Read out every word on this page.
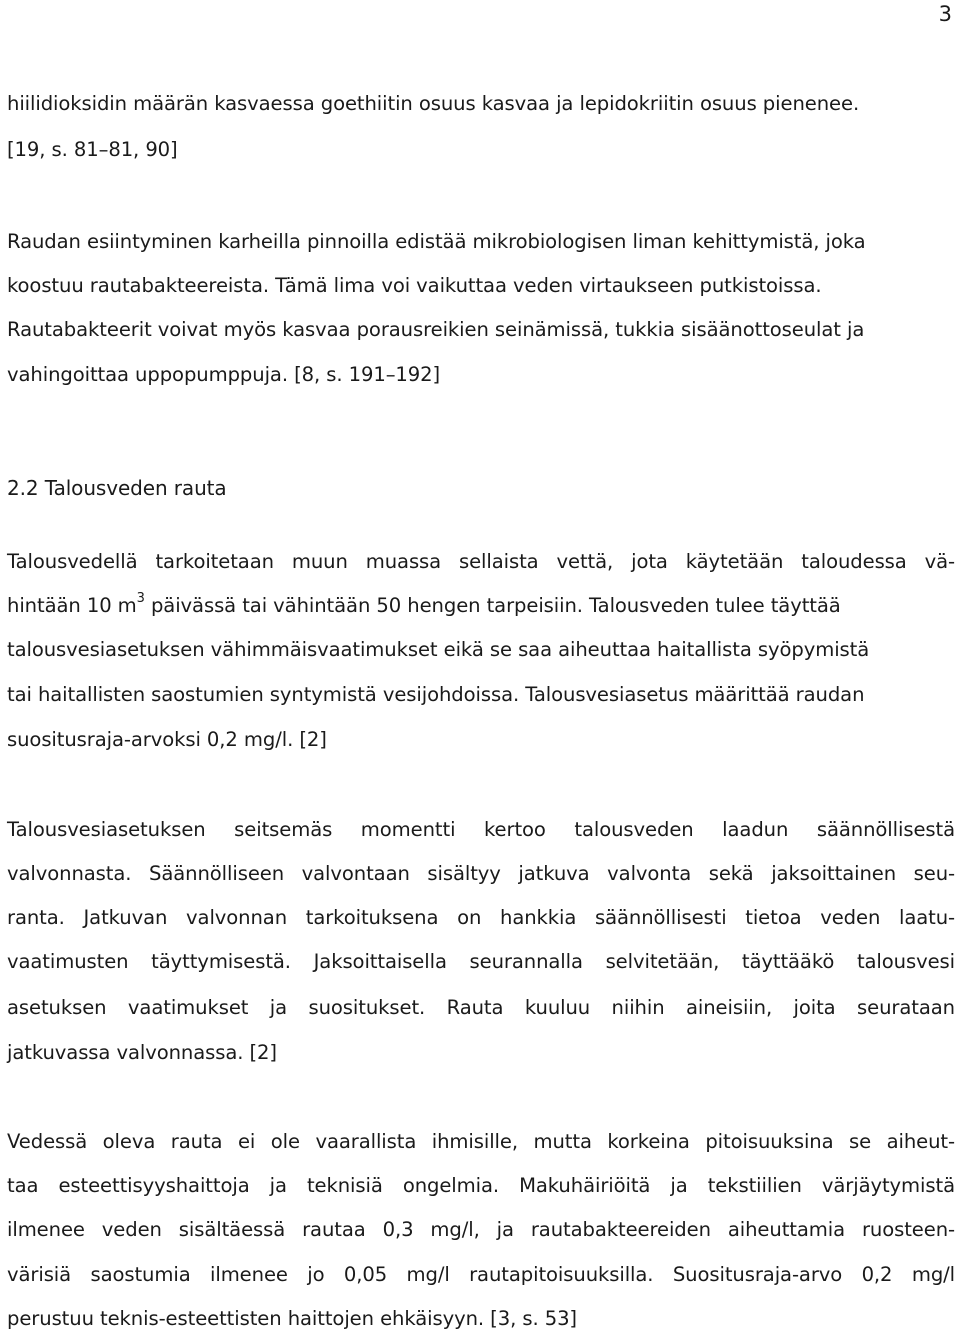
3
hiilidioksidin määrän kasvaessa goethiitin osuus kasvaa ja lepidokriitin osuus pienenee.
[19, s. 81–81, 90]
Raudan esiintyminen karheilla pinnoilla edistää mikrobiologisen liman kehittymistä, joka
koostuu rautabakteereista. Tämä lima voi vaikuttaa veden virtaukseen putkistoissa.
Rautabakteerit voivat myös kasvaa porausreikien seinämissä, tukkia sisäänottoseulat ja
vahingoittaa uppopumppuja. [8, s. 191–192]
2.2 Talousveden rauta
Talousvedellä tarkoitetaan muun muassa sellaista vettä, jota käytetään taloudessa vä-
hintään 10 $m^3$ päivässä tai vähintään 50 hengen tarpeisiin. Talousveden tulee täyttää
talousvesiasetuksen vähimmäisvaatimukset eikä se saa aiheuttaa haitallista syöpymistä
tai haitallisten saostumien syntymistä vesijohdoissa. Talousvesiasetus määrittää raudan
suositusraja-arvoksi 0,2 mg/l. [2]
Talousvesiasetuksen seitsemäs momentti kertoo talousveden laadun säännöllisestä
valvonnasta. Säännölliseen valvontaan sisältyy jatkuva valvonta sekä jaksoittainen seu-
ranta. Jatkuvan valvonnan tarkoituksena on hankkia säännöllisesti tietoa veden laatu-
vaatimusten täyttymisestä. Jaksoittaisella seurannalla selvitetään, täyttääkö talousvesi
asetuksen vaatimukset ja suositukset. Rauta kuuluu niihin aineisiin, joita seurataan
jatkuvassa valvonnassa. [2]
Vedessä oleva rauta ei ole vaarallista ihmisille, mutta korkeina pitoisuuksina se aiheut-
taa esteettisyyshaittoja ja teknisiä ongelmia. Makuhäiriöitä ja tekstiilien värjäytymistä
ilmenee veden sisältäessä rautaa 0,3 mg/l, ja rautabakteereiden aiheuttamia ruosteen-
värisiä saostumia ilmenee jo 0,05 mg/l rautapitoisuuksilla. Suositusraja-arvo 0,2 mg/l
perustuu teknis-esteettisten haittojen ehkäisyyn. [3, s. 53]
